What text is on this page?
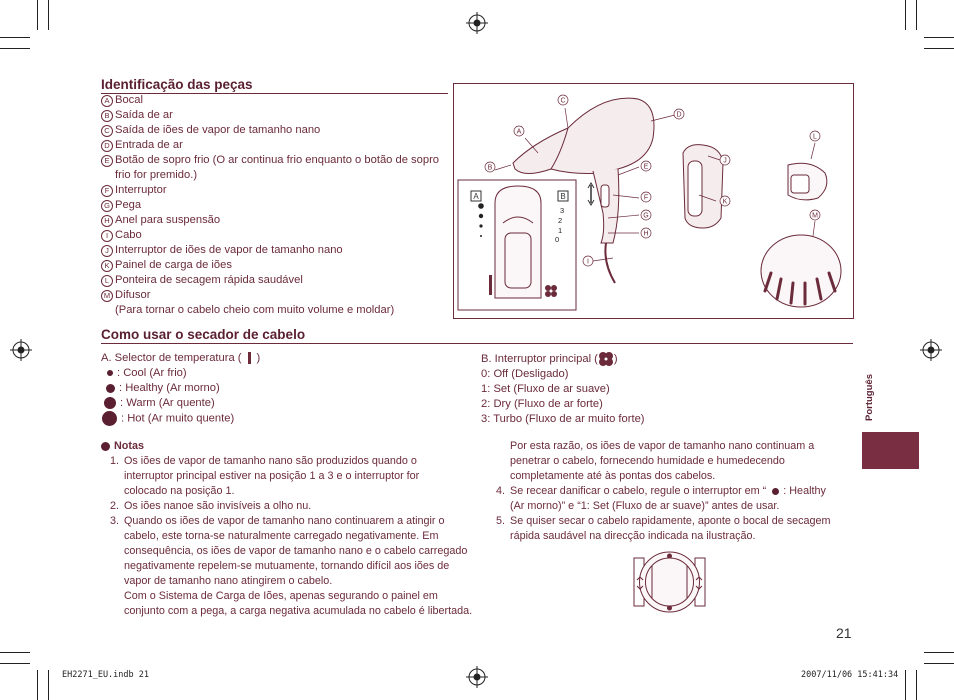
Identificação das peças
A Bocal
B Saída de ar
C Saída de iões de vapor de tamanho nano
D Entrada de ar
E Botão de sopro frio (O ar continua frio enquanto o botão de sopro
frio for premido.)
F Interruptor
G Pega
H Anel para suspensão
I Cabo
J Interruptor de iões de vapor de tamanho nano
K Painel de carga de iões
L Ponteira de secagem rápida saudável
M Difusor
(Para tornar o cabelo cheio com muito volume e moldar)
A	B
3
2
1
0
A
B
C
D
E
F
G
H
I
J
K
L
M
Como usar o secador de cabelo
A. Selector de temperatura ( )
: Cool (Ar frio)
: Healthy (Ar morno)
: Warm (Ar quente)
: Hot (Ar muito quente)
B. Interruptor principal ( )
0: Off (Desligado)
1: Set (Fluxo de ar suave)
2: Dry (Fluxo de ar forte)
3: Turbo (Fluxo de ar muito forte)
Notas
1. Os iões de vapor de tamanho nano são produzidos quando o
interruptor principal estiver na posição 1 a 3 e o interruptor for
colocado na posição 1.
2. Os iões nanoe são invisíveis a olho nu.
3. Quando os iões de vapor de tamanho nano continuarem a atingir o
cabelo, este torna-se naturalmente carregado negativamente. Em
consequência, os iões de vapor de tamanho nano e o cabelo carregado
negativamente repelem-se mutuamente, tornando difícil aos iões de
vapor de tamanho nano atingirem o cabelo.
Com o Sistema de Carga de Iões, apenas segurando o painel em
conjunto com a pega, a carga negativa acumulada no cabelo é libertada.
Por esta razão, os iões de vapor de tamanho nano continuam a
penetrar o cabelo, fornecendo humidade e humedecendo
completamente até às pontas dos cabelos.
4. Se recear danificar o cabelo, regule o interruptor em “ : Healthy
(Ar morno)” e “1: Set (Fluxo de ar suave)” antes de usar.
5. Se quiser secar o cabelo rapidamente, aponte o bocal de secagem
rápida saudável na direcção indicada na ilustração.
Português
21
EH2271_EU.indb 21	2007/11/06 15:41:34
